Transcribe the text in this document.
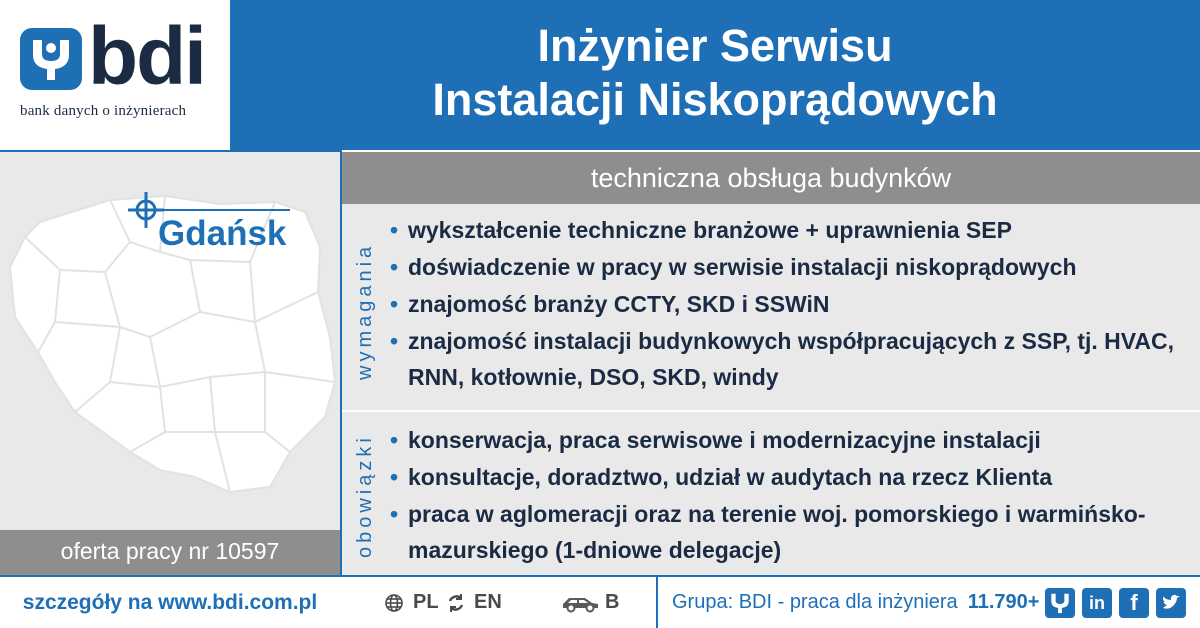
bdi
bank danych o inżynierach
Inżynier Serwisu
Instalacji Niskoprądowych
Gdańsk
oferta pracy nr 10597
techniczna obsługa budynków
wymagania
• wykształcenie techniczne branżowe + uprawnienia SEP
• doświadczenie w pracy w serwisie instalacji niskoprądowych
• znajomość branży CCTY, SKD i SSWiN
• znajomość instalacji budynkowych współpracujących z SSP, tj. HVAC, RNN, kotłownie, DSO, SKD, windy
obowiązki • konserwacja, praca serwisowe i modernizacyjne instalacji
• konsultacje, doradztwo, udział w audytach na rzecz Klienta
• praca w aglomeracji oraz na terenie woj. pomorskiego i warmińsko-mazurskiego (1-dniowe delegacje)
szczegóły na www.bdi.com.pl	PL EN	B	Grupa: BDI - praca dla inżyniera 11.790+	in	f
